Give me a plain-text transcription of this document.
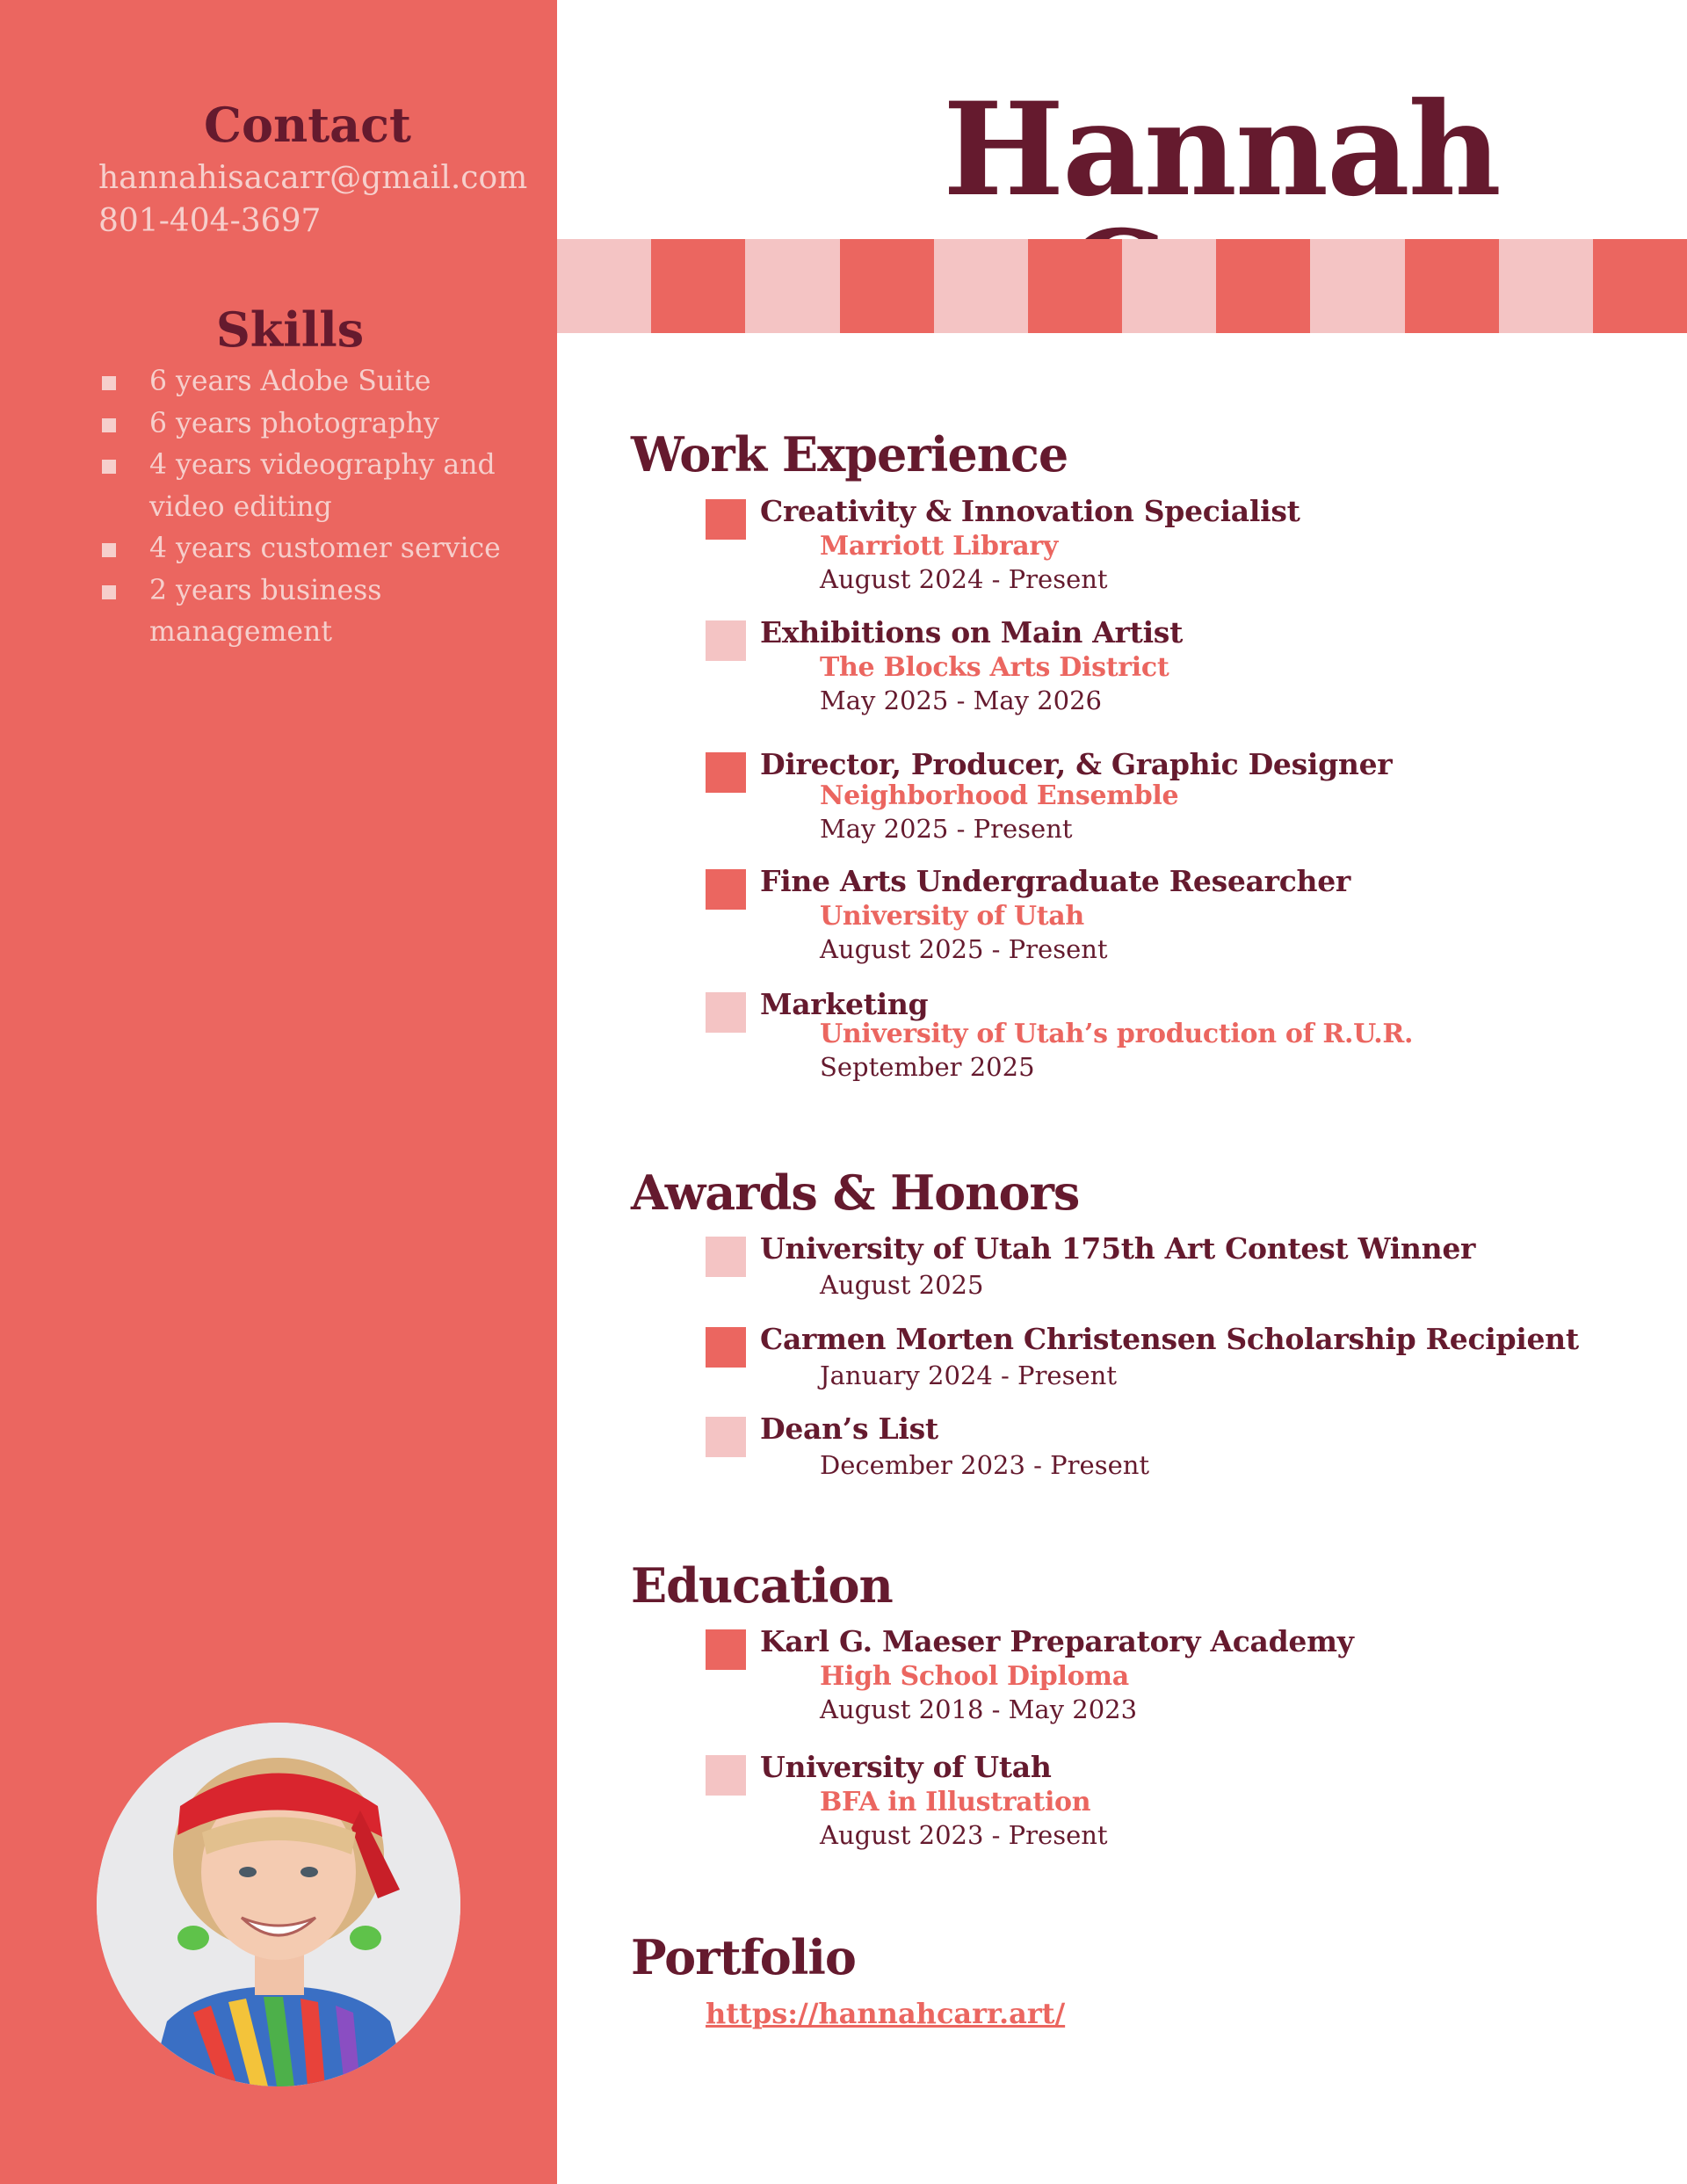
Contact
hannahisacarr@gmail.com
801-404-3697
Skills
6 years Adobe Suite
6 years photography
4 years videography and video editing
4 years customer service
2 years business management
Hannah
Work Experience
Creativity & Innovation Specialist
Marriott Library
August 2024 - Present
Exhibitions on Main Artist
The Blocks Arts District
May 2025 - May 2026
Director, Producer, & Graphic Designer
Neighborhood Ensemble
May 2025 - Present
Fine Arts Undergraduate Researcher
University of Utah
August 2025 - Present
Marketing
University of Utah’s production of R.U.R.
September 2025
Awards & Honors
University of Utah 175th Art Contest Winner
August 2025
Carmen Morten Christensen Scholarship Recipient
January 2024 - Present
Dean’s List
December 2023 - Present
Education
Karl G. Maeser Preparatory Academy
High School Diploma
August 2018 - May 2023
University of Utah
BFA in Illustration
August 2023 - Present
Portfolio
https://hannahcarr.art/
